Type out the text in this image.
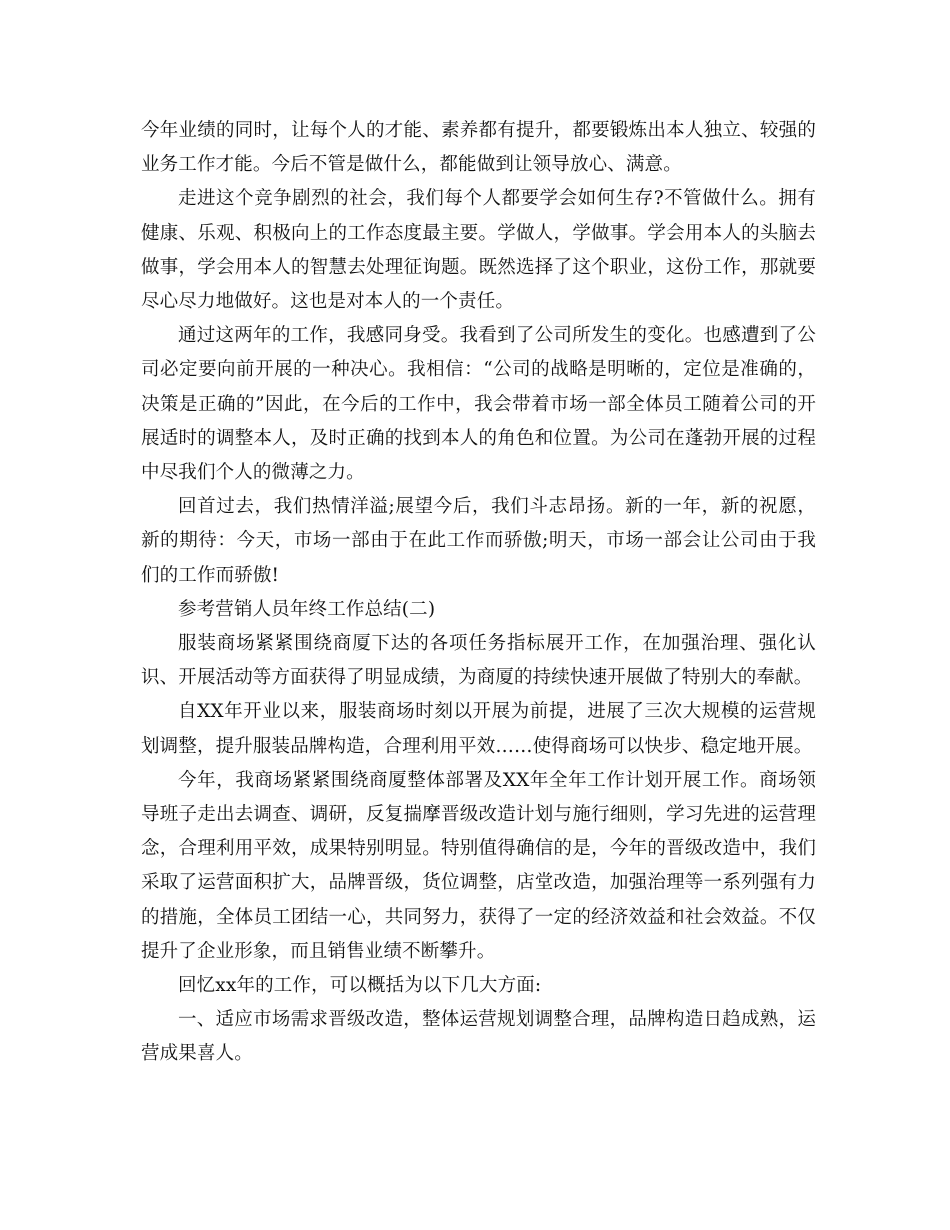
今年业绩的同时，让每个人的才能、素养都有提升，都要锻炼出本人独立、较强的业务工作才能。今后不管是做什么，都能做到让领导放心、满意。

走进这个竞争剧烈的社会，我们每个人都要学会如何生存?不管做什么。拥有健康、乐观、积极向上的工作态度最主要。学做人，学做事。学会用本人的头脑去做事，学会用本人的智慧去处理征询题。既然选择了这个职业，这份工作，那就要尽心尽力地做好。这也是对本人的一个责任。

通过这两年的工作，我感同身受。我看到了公司所发生的变化。也感遭到了公司必定要向前开展的一种决心。我相信：“公司的战略是明晰的，定位是准确的，决策是正确的”因此，在今后的工作中，我会带着市场一部全体员工随着公司的开展适时的调整本人，及时正确的找到本人的角色和位置。为公司在蓬勃开展的过程中尽我们个人的微薄之力。

回首过去，我们热情洋溢;展望今后，我们斗志昂扬。新的一年，新的祝愿，新的期待：今天，市场一部由于在此工作而骄傲;明天，市场一部会让公司由于我们的工作而骄傲!

参考营销人员年终工作总结(二)

服装商场紧紧围绕商厦下达的各项任务指标展开工作，在加强治理、强化认识、开展活动等方面获得了明显成绩，为商厦的持续快速开展做了特别大的奉献。

自XX年开业以来，服装商场时刻以开展为前提，进展了三次大规模的运营规划调整，提升服装品牌构造，合理利用平效……使得商场可以快步、稳定地开展。

今年，我商场紧紧围绕商厦整体部署及XX年全年工作计划开展工作。商场领导班子走出去调查、调研，反复揣摩晋级改造计划与施行细则，学习先进的运营理念，合理利用平效，成果特别明显。特别值得确信的是，今年的晋级改造中，我们采取了运营面积扩大，品牌晋级，货位调整，店堂改造，加强治理等一系列强有力的措施，全体员工团结一心，共同努力，获得了一定的经济效益和社会效益。不仅提升了企业形象，而且销售业绩不断攀升。

回忆xx年的工作，可以概括为以下几大方面:

一、适应市场需求晋级改造，整体运营规划调整合理，品牌构造日趋成熟，运营成果喜人。
